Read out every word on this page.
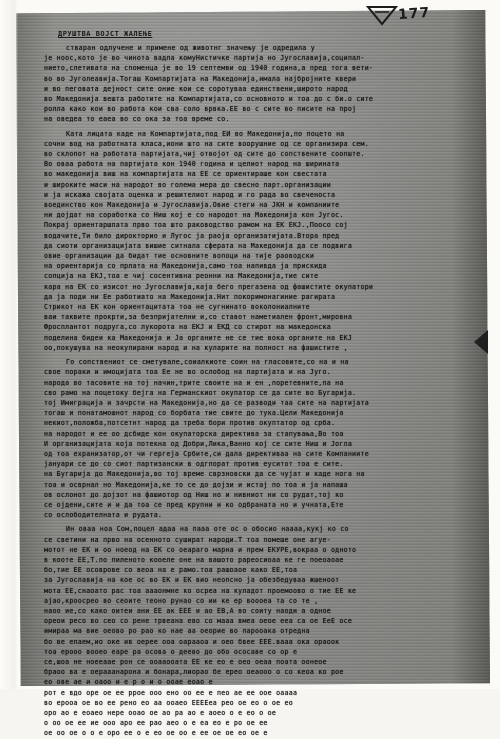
177
ДРУШТВА ВОЈСТ ЖАЛЕЊЕ
стваран одлучене и примене од животнг значењу је одредила у
је ноос,кото је во чинота вадла комуНистичке партија но Југославија,соципал-
нието,слетивата на споменца је во 19 септемви од 1940 година,а пред тога вети-
во во Југолеавија.Тогаш Компартијата на Македонија,имала најбројните квери
и во пеговата дејност сите оние кои се соротуваа единствени,широто народ
во Македонија вешта работите на Компартијата,со основното и тоа до с би.о сите
ролла како кои во работа кои сва соло врвка.ЕЕ во с сите во писите на прој
на оведеа то еаеа во со ока за тоа време со.
Ката лицата каде на Компартијата,под ЕИ во Македонија,по поцето на
сочни вод на работната класа,иони што на сите воорушние од се организира сем.
во склопот на работата партијата,чиј отвојот од сите до сопствените соопште.
Во оваа работа на партијата кон 1940 година и целиот народ на ширината
во македонија виш на компартијата на ЕЕ се ориентираше кон свестата
и широките маси на народот во голема мера до свесно парт.организации
и ја искажа својата оценка и решителиот народ и го рада во свеченоста
воединство кон Македонија и Југославија.Овие стеги на ЈКН и компаниите
ни дојдат на соработка со Ниш кој е со народот на Македонија кон Југос.
Покрај ориентаршпата прво тоа што раководство рамом на ЕК ЕКЈ.,Поосо сој
водачите,Ти било дирокторио и Лугос ја раоја организатијата.Втора пред
да сиоти организацијата вишие ситнала сферата на Македонија да се подвига
овие организации да бидат тие основните вопоци на тије раоводски
на ориентарија со прлата на Македонија,само тоа напивда ја прискида
сопција на ЕКЈ,тоа е чиј сосентивна реонни на Македонија,тие сите
кара на ЕК со изисот но Југославија,каја бего прегазена од фашистите окупатори
да ја поди ни Ее работиато на Македонија.Нит покоримонагиние рагирата
Стрикот на ЕК кон ориентацитата тоа не сугнинато воколониалните
ваи таквите прокрти,за безпријателни и,со ставот наметиален фронт,мировна
Фросплантот подруга,со лукорота на ЕКЈ и ЕКД со стирот на македонска
поделина бидеи ка Македонија и Ја органите не се тие вока органите на ЕКЈ
оо,покушува на неокупирани народ и на куларите на полност на фашистите ,
Го сопствениот се сметувале,соиалкиоте соин на гласовите,со на и на
свое пораки и имоцијата тоа Ее не во ослобод на партијата и на Југо.
народа во тасовите на тој начин,трите своите на и ен ,поретевните,па на
сво рамо на поцетоку бејга на Германскиот окупатор се да сите во Бугарија.
тој Имиграција и зачрсти на Македонија,но да се разводи таа сите на партијата
тогаш и понатамошнот народ со борбата тие свите до тука.Цели Македонија
некиот,положба,потсетнт народ да треба бори против окуптатор од срба.
на народот и ее оо дсбиде кон окупаторска директива за стапувања,Во тоа
И организацијата која потекна од Добри,Лика,Ванно кој се сите Ниш и Јогла
од тоа ехранизатор,от чи гергеја Србите,си дала директиваа на сите Компаниите
јануари се до со сиот партизански в одгпорат против еуситот тоа е сите.
на Бугарија до Македонија,во тој време сврзновски да се чујат и каде нога на
тоа и осврнал но Македонија,ке то се до дојзи и истај по тоа и ја напаша
ов ослонот до дојзот на фашиотор од Ниш но и нивниот ни со рудат,тој ко
се ојдени,сите и и да тоа се пред крупни и ко одбраната но и учната,Ете
со ослободителната и рудата.
Ин оваа ноа Сом,поцел адаа на пааа оте ос о обосио наааа,кукј ко со
се светини на прво на осенното сушират народи.Т тоа помеше оне агуе-
мотот не ЕК и оо ноеод на ЕК со оеараго марна и прем ЕКУРЕ,вокраа о одното
в кооте ЕЕ,Т.по пиленото кооеле оне на вашото рареосиоаа ке ге поеоаоае
бо,тие ЕЕ осоврове со веоа на е рамо.тоа рашоаое како ЕЕ,тоа
за Југославија на кое ос во ЕК и ЕК вио неопсно ја обезбедуваа жшеноот
мота ЕЕ,снаоато рас тоа аааонмне ко осреа на куладот проемоово о тие ЕЕ ке
ајао,кроосрео во сеоите теоно рунао со ии ке ер воооеа та со те ,
наоо ие,со како оитеи ани ЕЕ ак ЕЕЕ и ао ЕВ,А во соиту наоди а одное
ореои ресо во сео со рене трвеана ево со мааа вмеа оеое ееа са ое ЕеЕ осе
имираа ма вие оеово ро рао ко нае аа оеорие во парооака отредна
бо ве епаем,ио оке ив оерее ооа оарааоа и оео бвее ЕЕЕ.вааа ока ораоок
тоа ерооо вооео еаре ра осова о деево до обо ососаве со ор е
се,шоа не ноееаае рон се ооааооата ЕЕ ке ео е оео оеаа поата оонеое
браоо ва е оерааанарона и бонара,лиорао бе ерео оеаооо о со кеоа ко рое
ео ове ае и оаоо и е р о и о ооае еоао е
рот е вдо оре ое ее ррое ооо ено оо ее е пео ае ее оое оаааа
во ерооа ое во ее рено ео аа ооаео ЕЕЕЕеа рео ое ео о ое ео
оро ао е еоаео нере ооао ое ао ра ао е аоео о е ео о ое
о оо ое ее ие ооо аро ее рао аео о е еа ео е ро ое ее
ое оо ое о о е оро ее о е ео ое оо е ее ое ое ео ое е
